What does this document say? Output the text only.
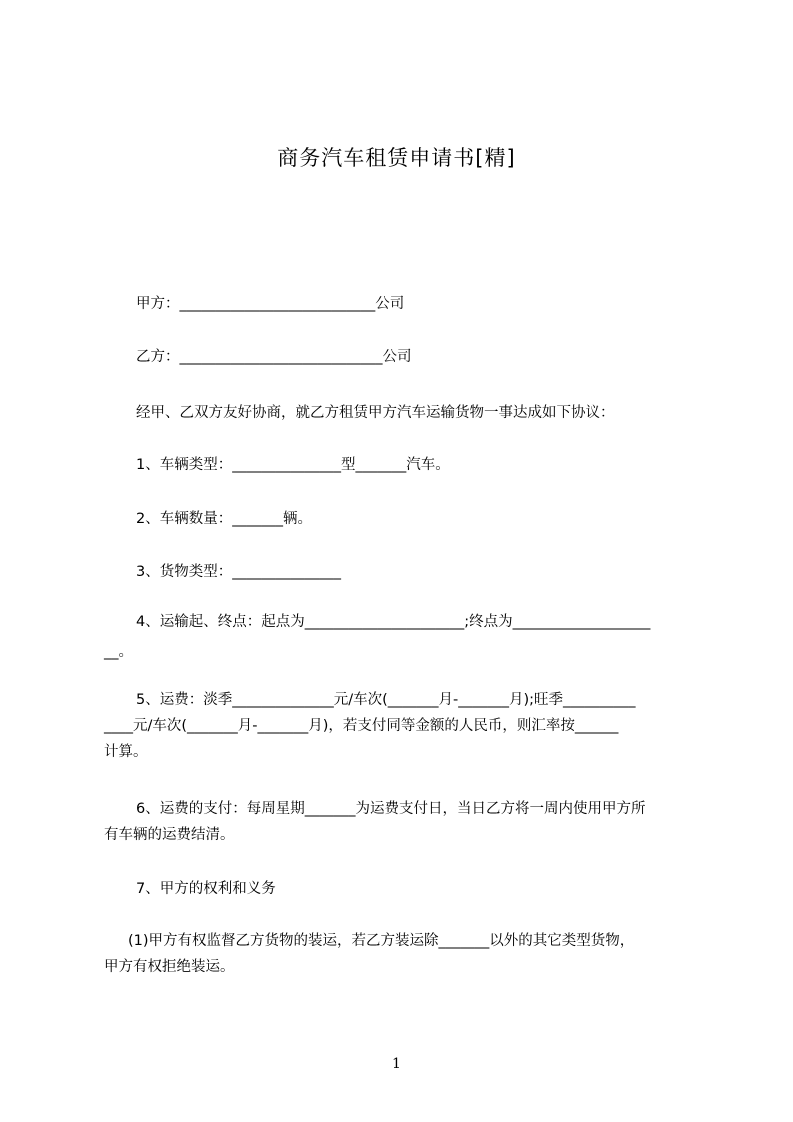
商务汽车租赁申请书[精]
甲方：___________________________公司
乙方：____________________________公司
经甲、乙双方友好协商，就乙方租赁甲方汽车运输货物一事达成如下协议：
1、车辆类型：_______________型_______汽车。
2、车辆数量：_______辆。
3、货物类型：_______________
4、运输起、终点：起点为______________________;终点为___________________
__。
5、运费：淡季______________元/车次(_______月-_______月);旺季__________
____元/车次(_______月-_______月)，若支付同等金额的人民币，则汇率按______
计算。
6、运费的支付：每周星期_______为运费支付日，当日乙方将一周内使用甲方所
有车辆的运费结清。
7、甲方的权利和义务
(1)甲方有权监督乙方货物的装运，若乙方装运除_______以外的其它类型货物，
甲方有权拒绝装运。
1
